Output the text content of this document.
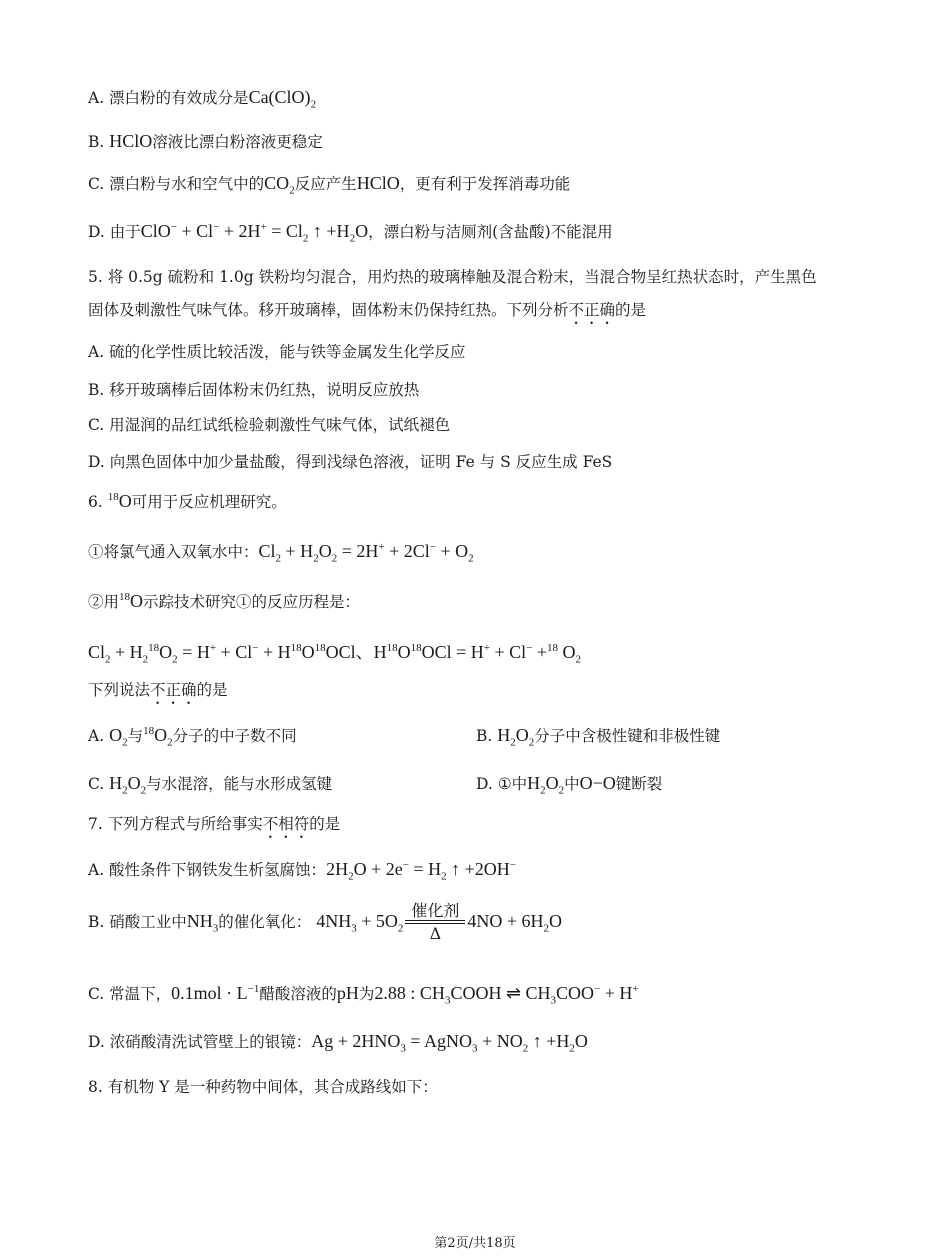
A. 漂白粉的有效成分是$Ca(ClO)_2$
B. HClO溶液比漂白粉溶液更稳定
C. 漂白粉与水和空气中的$CO_2$反应产生HClO，更有利于发挥消毒功能
D. 由于$ClO^- + Cl^- + 2H^+ = Cl_2$ ↑ $+H_2O$，漂白粉与洁厕剂(含盐酸)不能混用
5. 将 0.5g 硫粉和 1.0g 铁粉均匀混合，用灼热的玻璃棒触及混合粉末，当混合物呈红热状态时，产生黑色
固体及刺激性气味气体。移开玻璃棒，固体粉末仍保持红热。下列分析不正确的是
A. 硫的化学性质比较活泼，能与铁等金属发生化学反应
B. 移开玻璃棒后固体粉末仍红热，说明反应放热
C. 用湿润的品红试纸检验刺激性气味气体，试纸褪色
D. 向黑色固体中加少量盐酸，得到浅绿色溶液，证明 Fe 与 S 反应生成 FeS
6. $^{18}$O可用于反应机理研究。
①将氯气通入双氧水中：$Cl_2 + H_2O_2 = 2H^+ + 2Cl^- + O_2$
②用$^{18}$O示踪技术研究①的反应历程是：
$Cl_2 + H_2^{18}O_2 = H^+ + Cl^- + H^{18}O^{18}OCl$、$H^{18}O^{18}OCl = H^+ + Cl^- +^{18}$ $O_2$
下列说法不正确的是
A. $O_2$与$^{18}O_2$分子的中子数不同	B. $H_2O_2$分子中含极性键和非极性键
C. $H_2O_2$与水混溶，能与水形成氢键	D. ①中$H_2O_2$中O−O键断裂
7. 下列方程式与所给事实不相符的是
A. 酸性条件下钢铁发生析氢腐蚀：$2H_2O + 2e^- = H_2$ ↑ +2OH−
B. 硝酸工业中$NH_3$的催化氧化： $4NH_3 + 5O_2$
催化剂
Δ
$4NO + 6H_2O$
C. 常温下，$0.1mol \cdot L^{-1}$醋酸溶液的pH为2.88 : $CH_3COOH$ ⇌ $CH_3COO^- + H^+$
D. 浓硝酸清洗试管壁上的银镜：$Ag + 2HNO_3$ = AgNO$_3$ + $NO_2$ ↑ $+H_2O$
8. 有机物 Y 是一种药物中间体，其合成路线如下：
第2页/共18页
